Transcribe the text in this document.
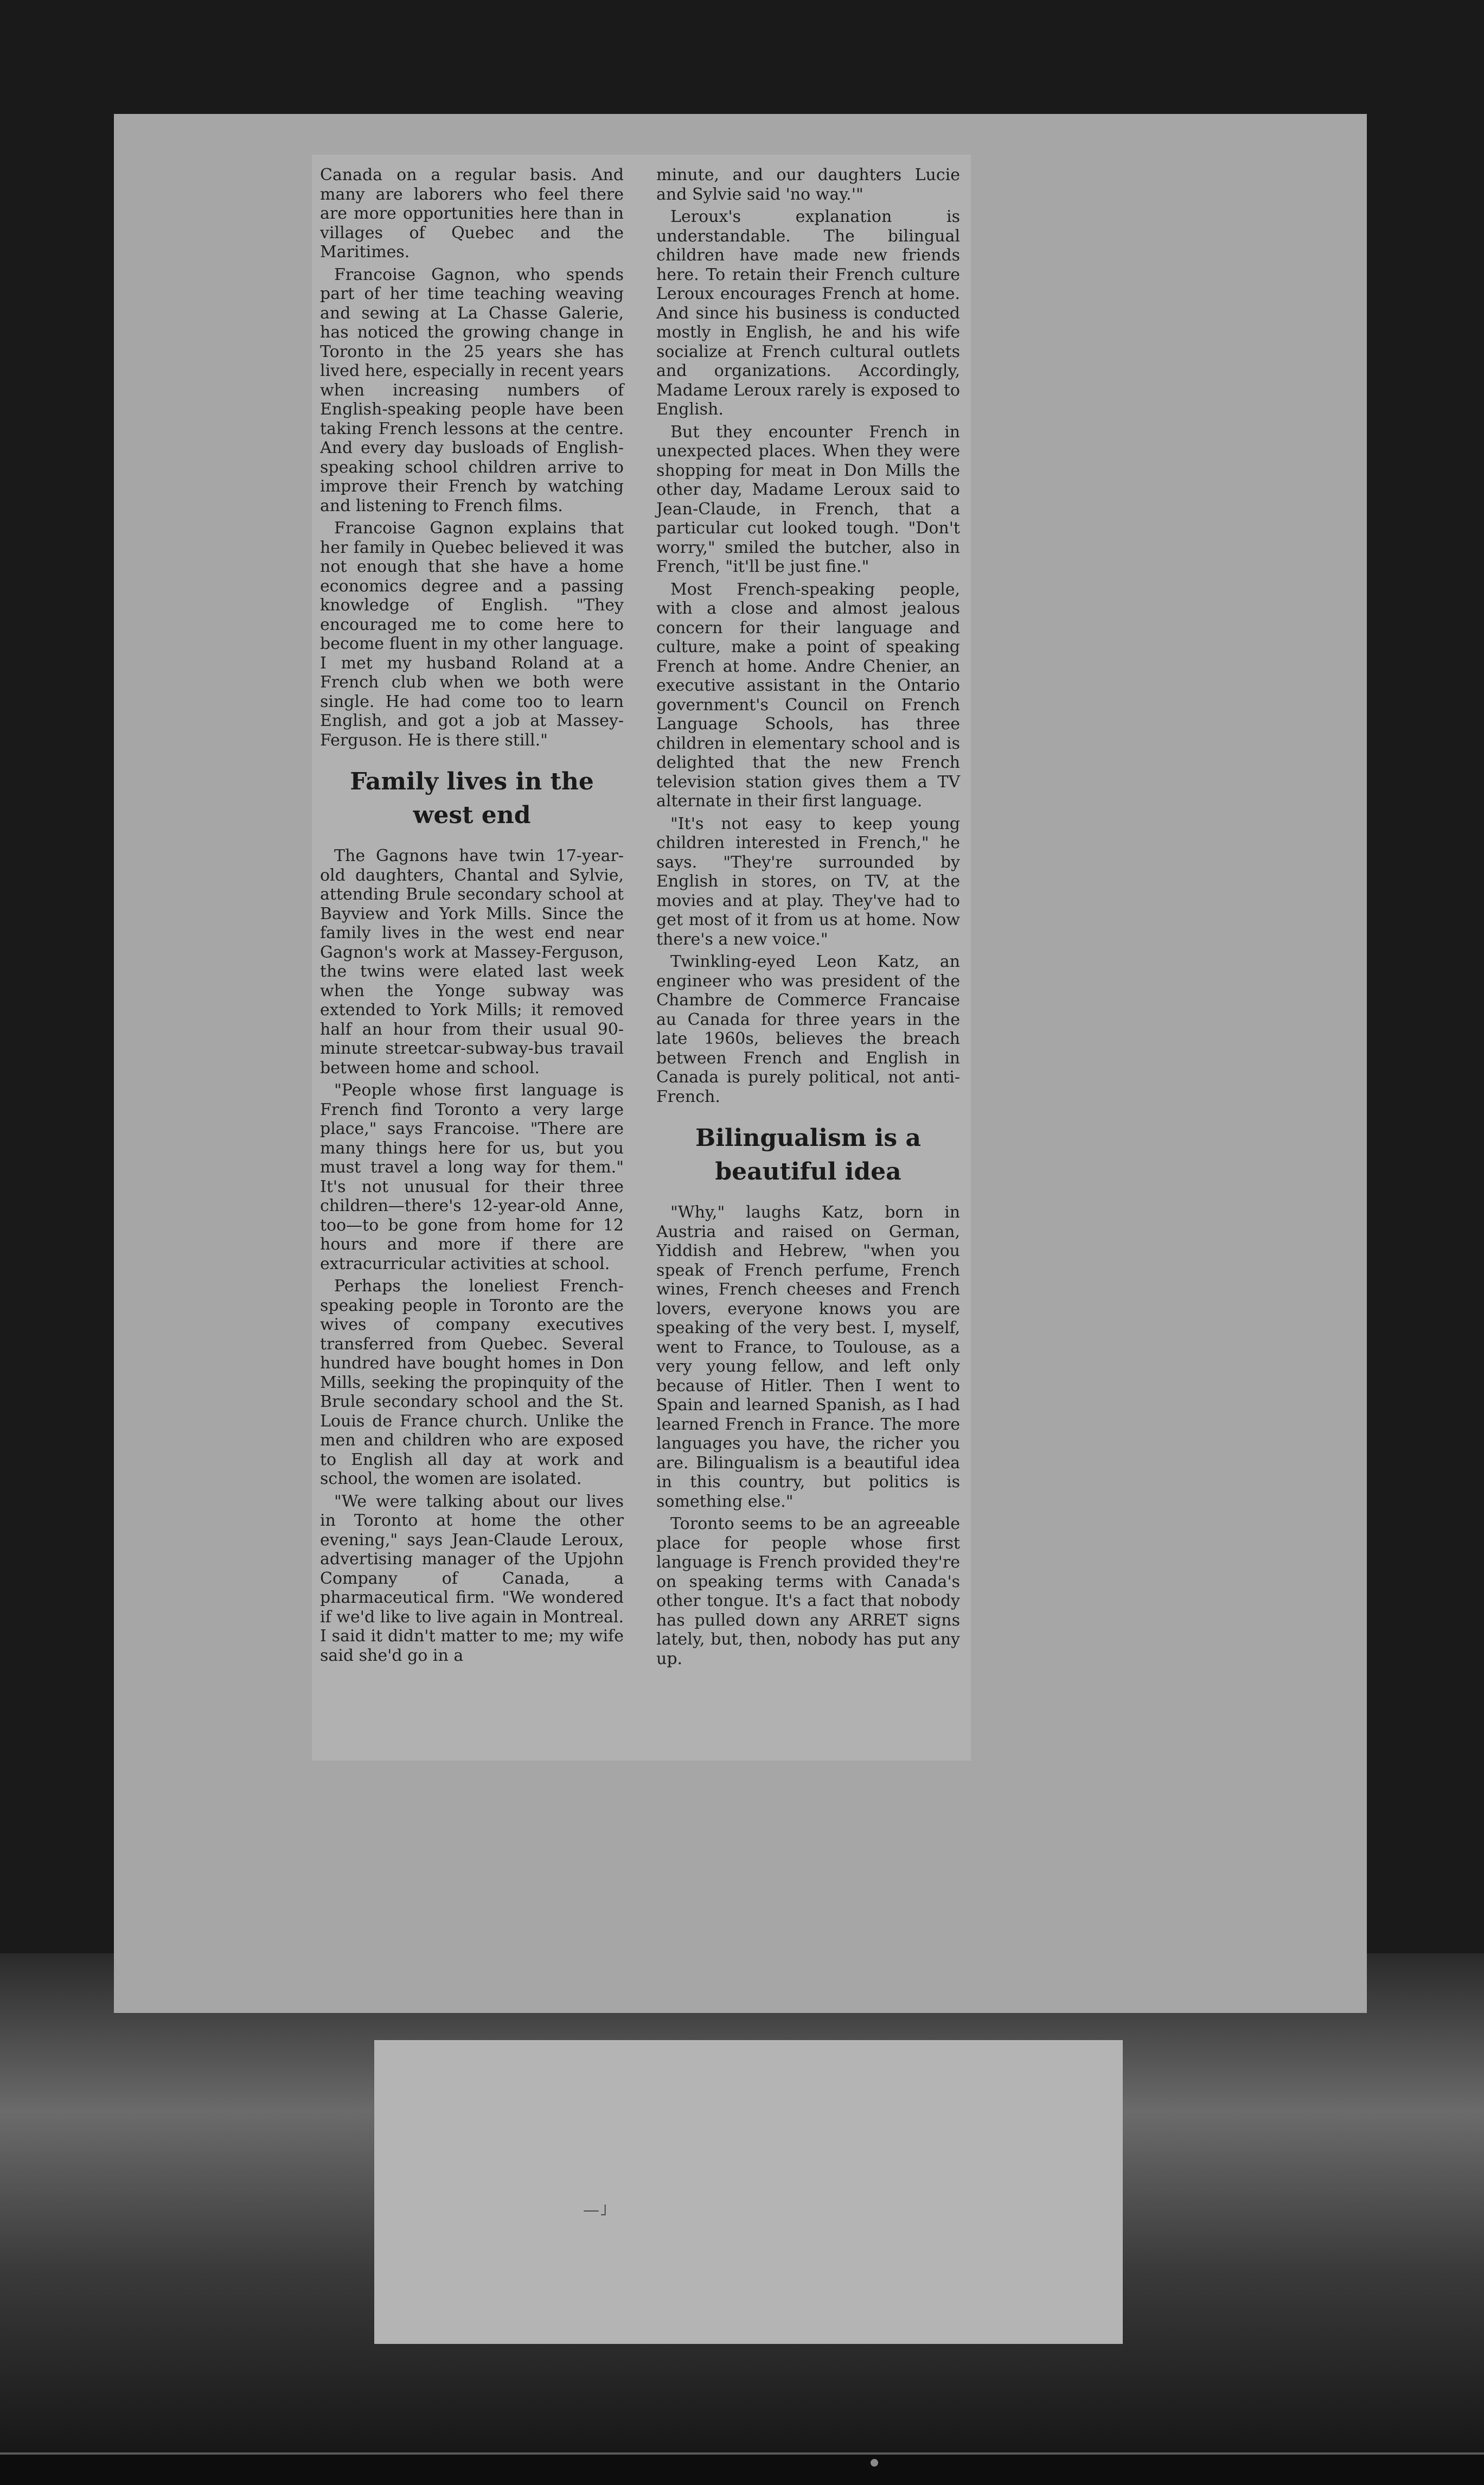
Canada on a regular basis. And many are laborers who feel there are more opportunities here than in villages of Quebec and the Maritimes.

Francoise Gagnon, who spends part of her time teaching weaving and sewing at La Chasse Galerie, has noticed the growing change in Toronto in the 25 years she has lived here, especially in recent years when increasing numbers of English-speaking people have been taking French lessons at the centre. And every day busloads of English-speaking school children arrive to improve their French by watching and listening to French films.

Francoise Gagnon explains that her family in Quebec believed it was not enough that she have a home economics degree and a passing knowledge of English. "They encouraged me to come here to become fluent in my other language. I met my husband Roland at a French club when we both were single. He had come too to learn English, and got a job at Massey-Ferguson. He is there still."

Family lives in the west end

The Gagnons have twin 17-year-old daughters, Chantal and Sylvie, attending Brule secondary school at Bayview and York Mills. Since the family lives in the west end near Gagnon's work at Massey-Ferguson, the twins were elated last week when the Yonge subway was extended to York Mills; it removed half an hour from their usual 90-minute streetcar-subway-bus travail between home and school.

"People whose first language is French find Toronto a very large place," says Francoise. "There are many things here for us, but you must travel a long way for them." It's not unusual for their three children—there's 12-year-old Anne, too—to be gone from home for 12 hours and more if there are extracurricular activities at school.

Perhaps the loneliest French-speaking people in Toronto are the wives of company executives transferred from Quebec. Several hundred have bought homes in Don Mills, seeking the propinquity of the Brule secondary school and the St. Louis de France church. Unlike the men and children who are exposed to English all day at work and school, the women are isolated.

"We were talking about our lives in Toronto at home the other evening," says Jean-Claude Leroux, advertising manager of the Upjohn Company of Canada, a pharmaceutical firm. "We wondered if we'd like to live again in Montreal. I said it didn't matter to me; my wife said she'd go in a

minute, and our daughters Lucie and Sylvie said 'no way.'"

Leroux's explanation is understandable. The bilingual children have made new friends here. To retain their French culture Leroux encourages French at home. And since his business is conducted mostly in English, he and his wife socialize at French cultural outlets and organizations. Accordingly, Madame Leroux rarely is exposed to English.

But they encounter French in unexpected places. When they were shopping for meat in Don Mills the other day, Madame Leroux said to Jean-Claude, in French, that a particular cut looked tough. "Don't worry," smiled the butcher, also in French, "it'll be just fine."

Most French-speaking people, with a close and almost jealous concern for their language and culture, make a point of speaking French at home. Andre Chenier, an executive assistant in the Ontario government's Council on French Language Schools, has three children in elementary school and is delighted that the new French television station gives them a TV alternate in their first language.

"It's not easy to keep young children interested in French," he says. "They're surrounded by English in stores, on TV, at the movies and at play. They've had to get most of it from us at home. Now there's a new voice."

Twinkling-eyed Leon Katz, an engineer who was president of the Chambre de Commerce Francaise au Canada for three years in the late 1960s, believes the breach between French and English in Canada is purely political, not anti-French.

Bilingualism is a beautiful idea

"Why," laughs Katz, born in Austria and raised on German, Yiddish and Hebrew, "when you speak of French perfume, French wines, French cheeses and French lovers, everyone knows you are speaking of the very best. I, myself, went to France, to Toulouse, as a very young fellow, and left only because of Hitler. Then I went to Spain and learned Spanish, as I had learned French in France. The more languages you have, the richer you are. Bilingualism is a beautiful idea in this country, but politics is something else."

Toronto seems to be an agreeable place for people whose first language is French provided they're on speaking terms with Canada's other tongue. It's a fact that nobody has pulled down any ARRET signs lately, but, then, nobody has put any up.

—˩
